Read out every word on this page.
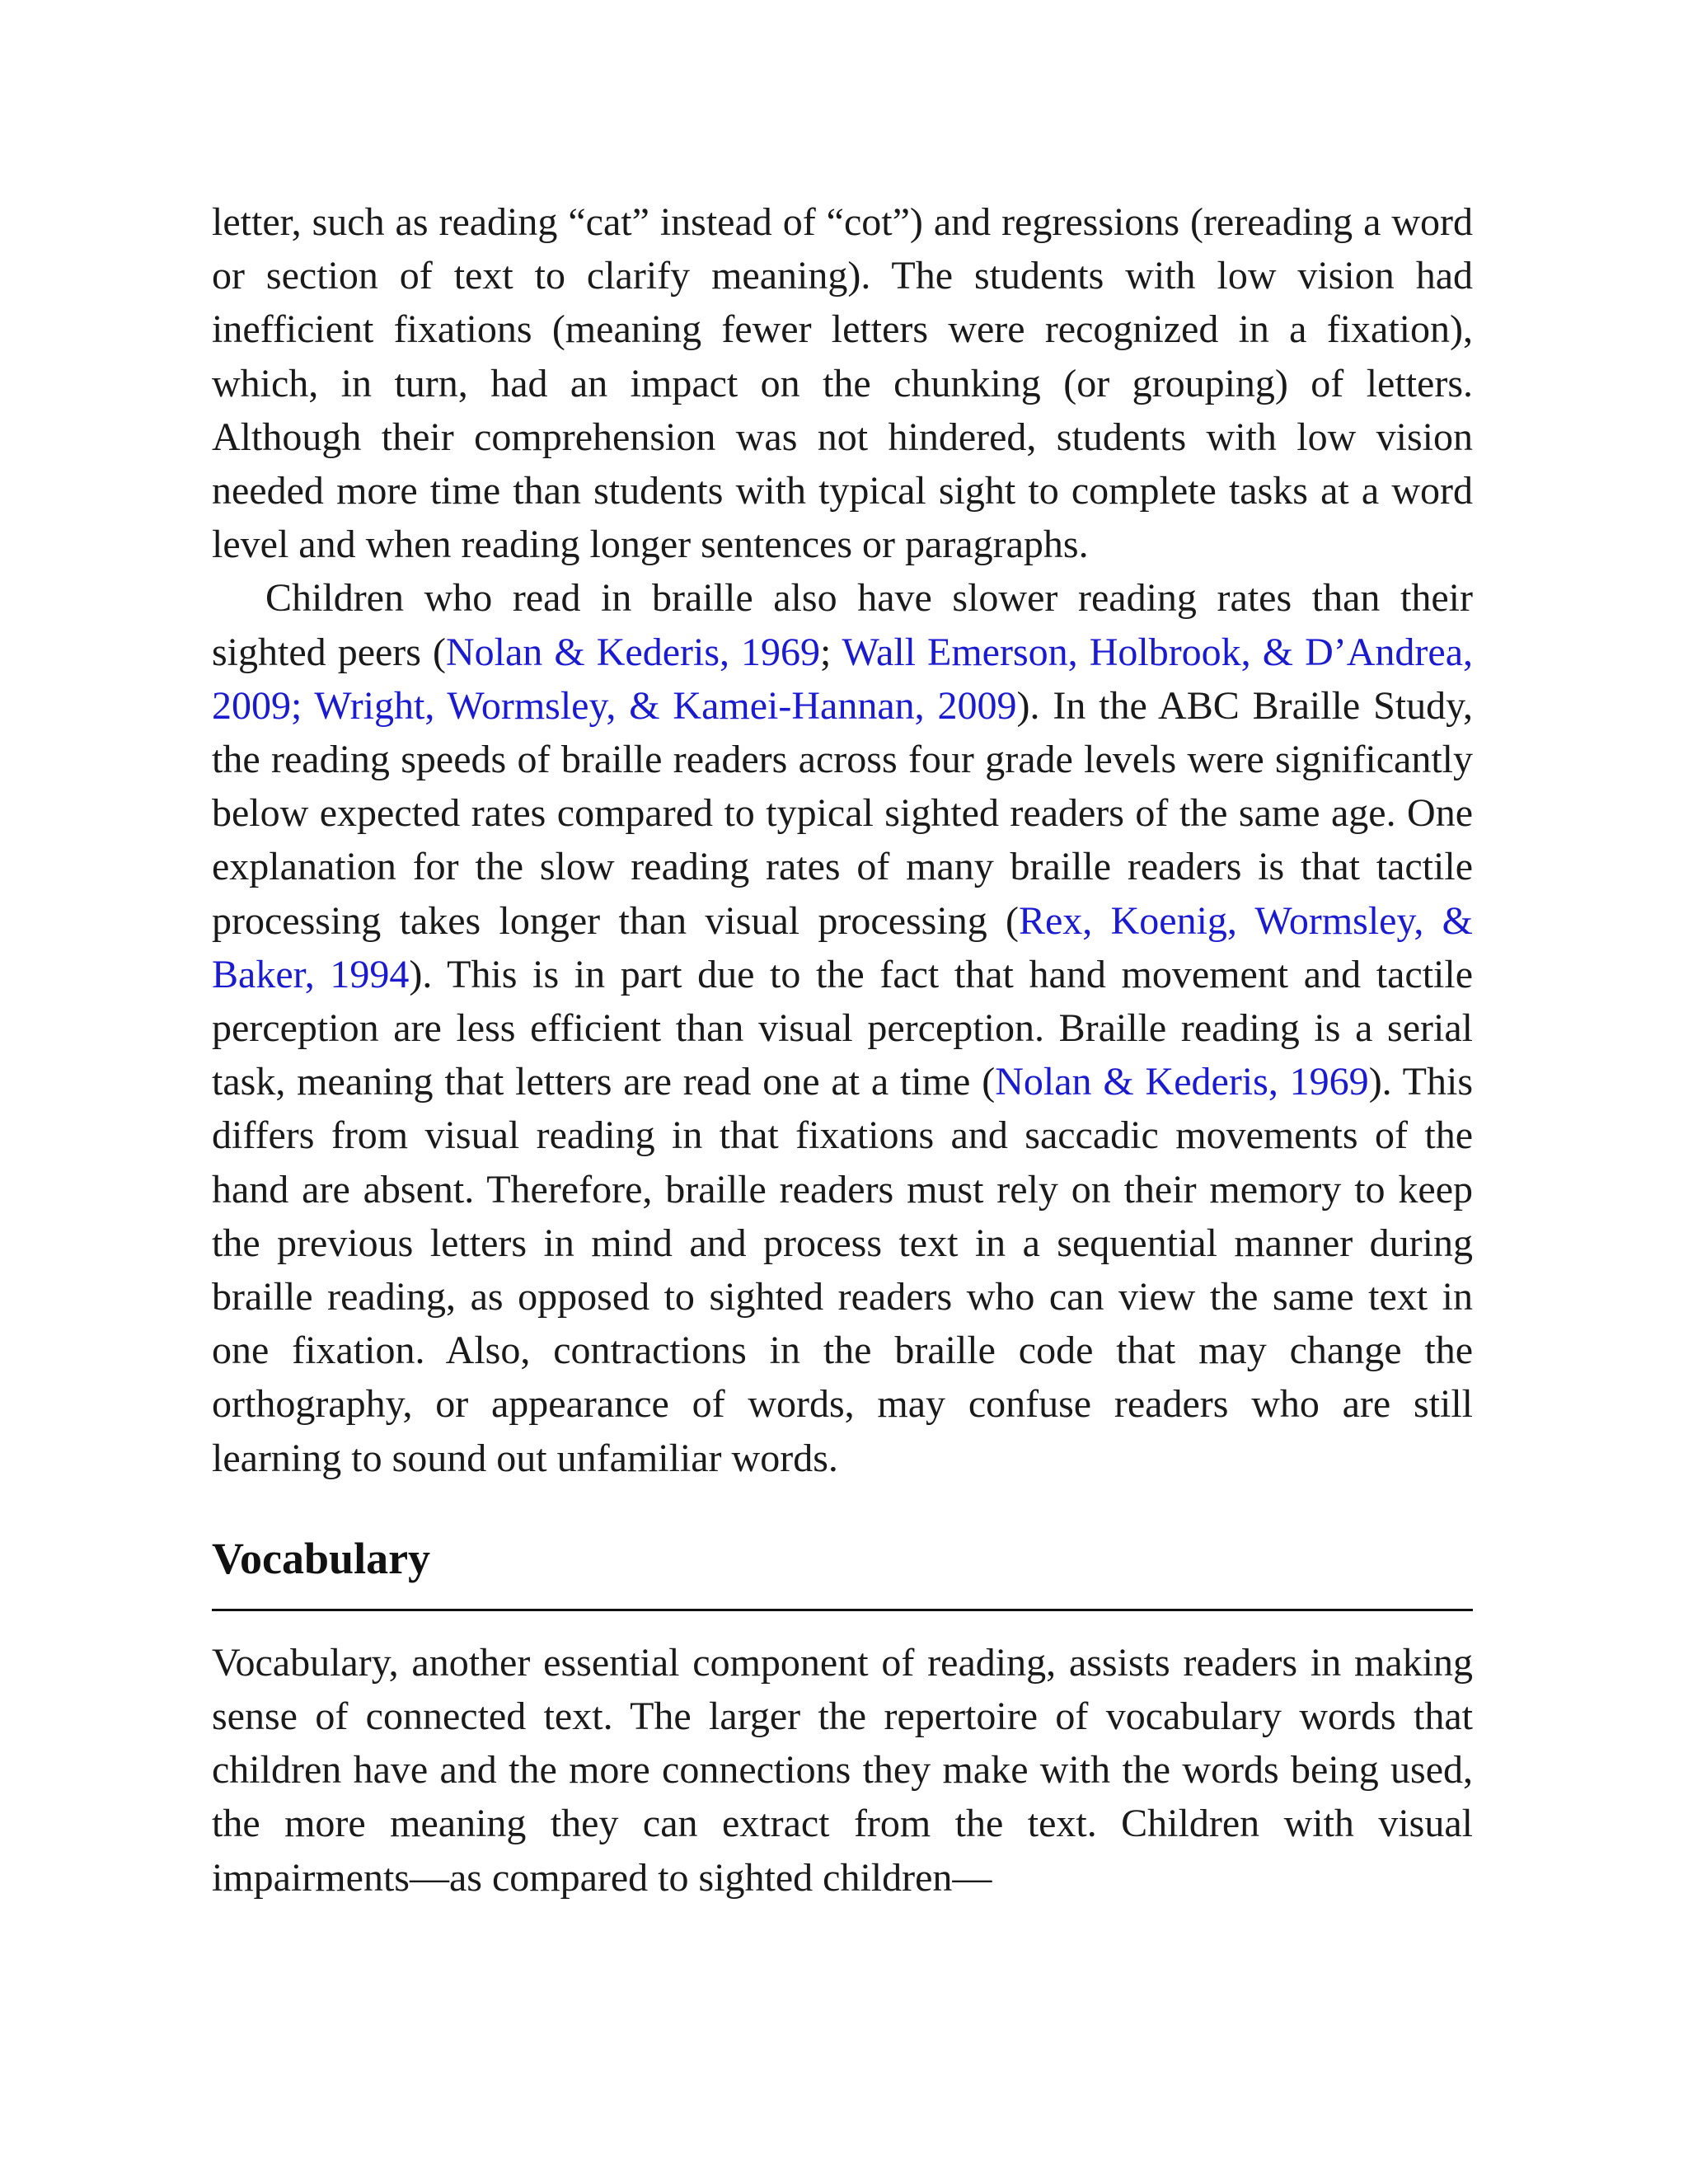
letter, such as reading “cat” instead of “cot”) and regressions (rereading a word or section of text to clarify meaning). The students with low vision had inefficient fixations (meaning fewer letters were recognized in a fixation), which, in turn, had an impact on the chunking (or grouping) of letters. Although their comprehension was not hindered, students with low vision needed more time than students with typical sight to complete tasks at a word level and when reading longer sentences or paragraphs.

Children who read in braille also have slower reading rates than their sighted peers (Nolan & Kederis, 1969; Wall Emerson, Holbrook, & D’Andrea, 2009; Wright, Wormsley, & Kamei-Hannan, 2009). In the ABC Braille Study, the reading speeds of braille readers across four grade levels were significantly below expected rates compared to typical sighted readers of the same age. One explanation for the slow reading rates of many braille readers is that tactile processing takes longer than visual processing (Rex, Koenig, Wormsley, & Baker, 1994). This is in part due to the fact that hand movement and tactile perception are less efficient than visual perception. Braille reading is a serial task, meaning that letters are read one at a time (Nolan & Kederis, 1969). This differs from visual reading in that fixations and saccadic movements of the hand are absent. Therefore, braille readers must rely on their memory to keep the previous letters in mind and process text in a sequential manner during braille reading, as opposed to sighted readers who can view the same text in one fixation. Also, contractions in the braille code that may change the orthography, or appearance of words, may confuse readers who are still learning to sound out unfamiliar words.

Vocabulary

Vocabulary, another essential component of reading, assists readers in making sense of connected text. The larger the repertoire of vocabulary words that children have and the more connections they make with the words being used, the more meaning they can extract from the text. Children with visual impairments—as compared to sighted children—
